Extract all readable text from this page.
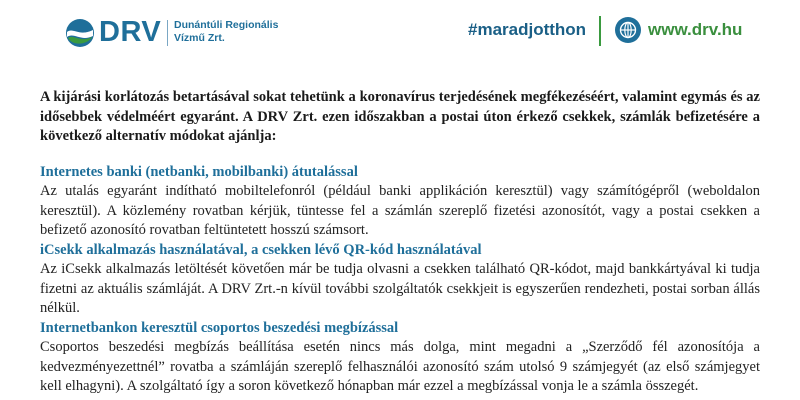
DRV Dunántúli Regionális
Vízmű Zrt.	#maradjotthon	www.drv.hu

A kijárási korlátozás betartásával sokat tehetünk a koronavírus terjedésének megfékezéséért, valamint egymás és az idősebbek védelméért egyaránt. A DRV Zrt. ezen időszakban a postai úton érkező csekkek, számlák befizetésére a következő alternatív módokat ajánlja:

Internetes banki (netbanki, mobilbanki) átutalással

Az utalás egyaránt indítható mobiltelefonról (például banki applikáción keresztül) vagy számítógépről (weboldalon keresztül). A közlemény rovatban kérjük, tüntesse fel a számlán szereplő fizetési azonosítót, vagy a postai csekken a befizető azonosító rovatban feltüntetett hosszú számsort.

iCsekk alkalmazás használatával, a csekken lévő QR-kód használatával

Az iCsekk alkalmazás letöltését követően már be tudja olvasni a csekken található QR-kódot, majd bankkártyával ki tudja fizetni az aktuális számláját. A DRV Zrt.-n kívül további szolgáltatók csekkjeit is egyszerűen rendezheti, postai sorban állás nélkül.

Internetbankon keresztül csoportos beszedési megbízással

Csoportos beszedési megbízás beállítása esetén nincs más dolga, mint megadni a „Szerződő fél azonosítója a kedvezményezettnél” rovatba a számláján szereplő felhasználói azonosító szám utolsó 9 számjegyét (az első számjegyet kell elhagyni). A szolgáltató így a soron következő hónapban már ezzel a megbízással vonja le a számla összegét.
